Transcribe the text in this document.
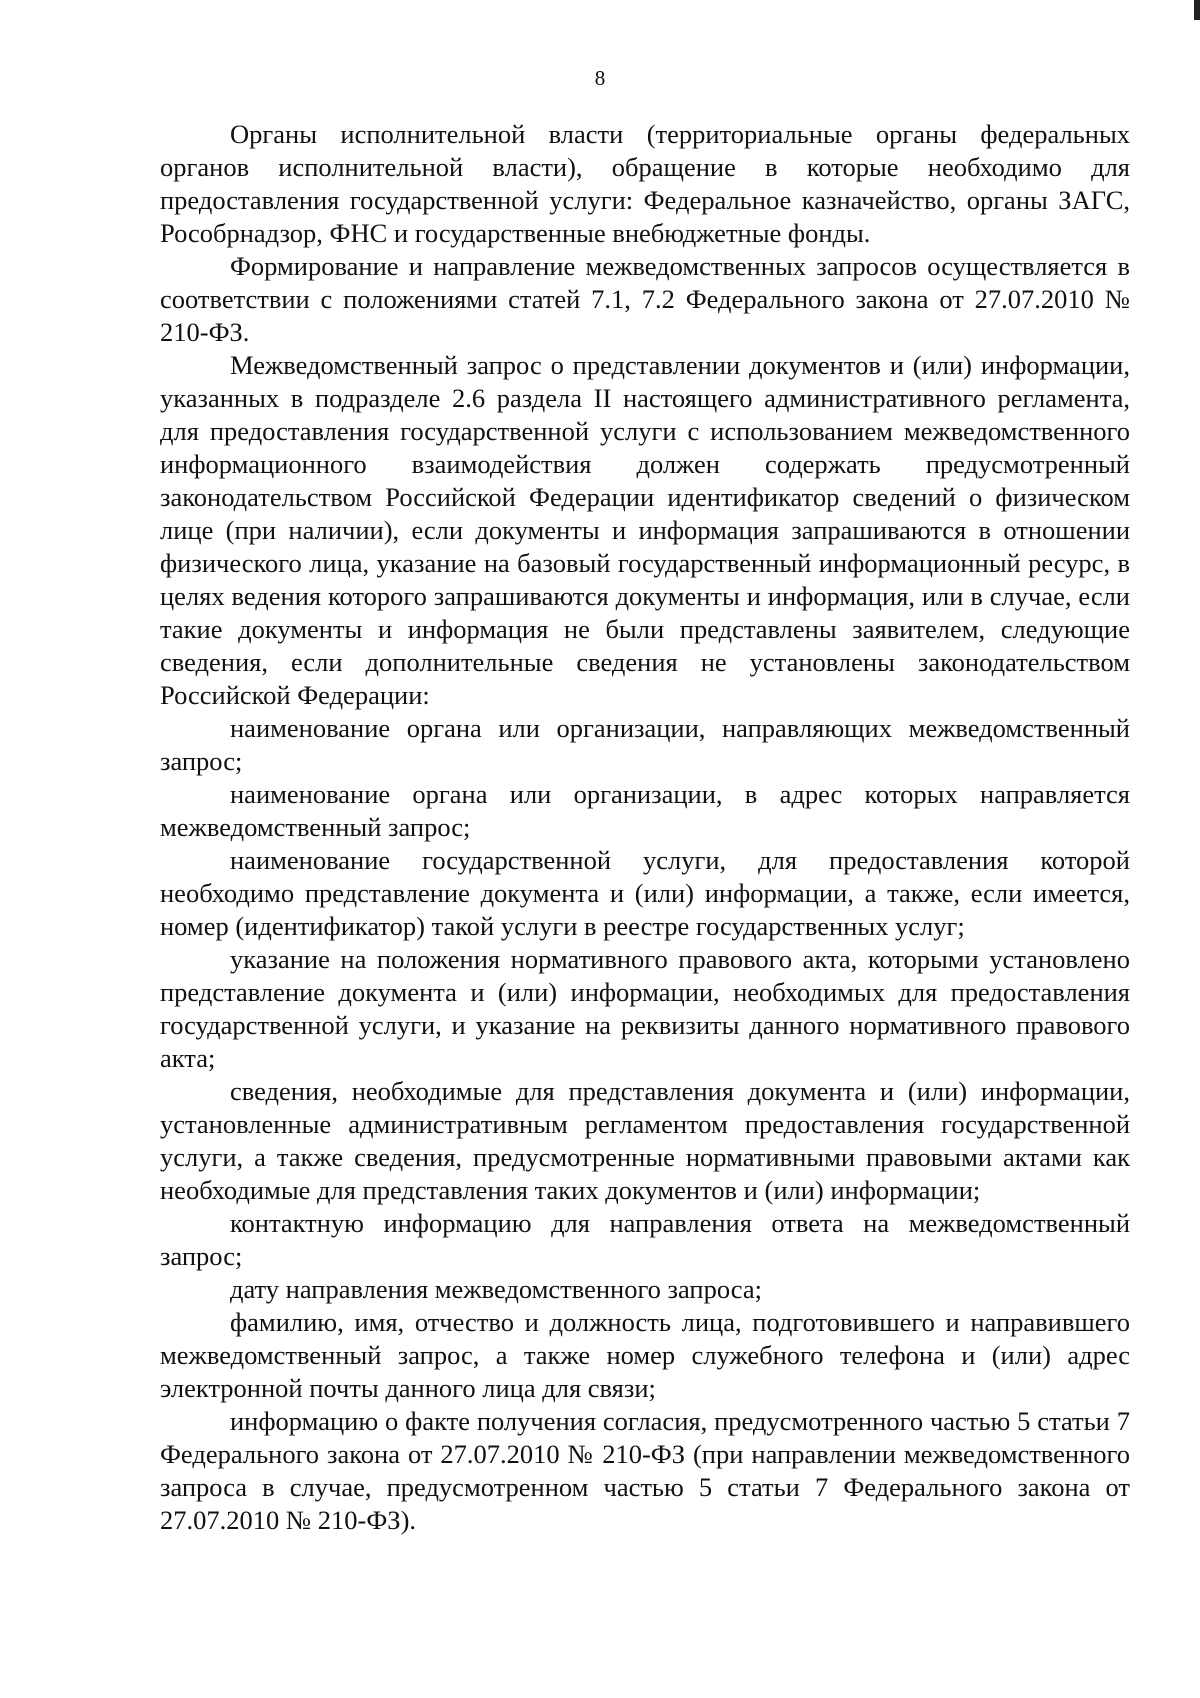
8

Органы исполнительной власти (территориальные органы федеральных органов исполнительной власти), обращение в которые необходимо для предоставления государственной услуги: Федеральное казначейство, органы ЗАГС, Рособрнадзор, ФНС и государственные внебюджетные фонды.

Формирование и направление межведомственных запросов осуществляется в соответствии с положениями статей 7.1, 7.2 Федерального закона от 27.07.2010 № 210-ФЗ.

Межведомственный запрос о представлении документов и (или) информации, указанных в подразделе 2.6 раздела II настоящего административного регламента, для предоставления государственной услуги с использованием межведомственного информационного взаимодействия должен содержать предусмотренный законодательством Российской Федерации идентификатор сведений о физическом лице (при наличии), если документы и информация запрашиваются в отношении физического лица, указание на базовый государственный информационный ресурс, в целях ведения которого запрашиваются документы и информация, или в случае, если такие документы и информация не были представлены заявителем, следующие сведения, если дополнительные сведения не установлены законодательством Российской Федерации:

наименование органа или организации, направляющих межведомственный запрос;

наименование органа или организации, в адрес которых направляется межведомственный запрос;

наименование государственной услуги, для предоставления которой необходимо представление документа и (или) информации, а также, если имеется, номер (идентификатор) такой услуги в реестре государственных услуг;

указание на положения нормативного правового акта, которыми установлено представление документа и (или) информации, необходимых для предоставления государственной услуги, и указание на реквизиты данного нормативного правового акта;

сведения, необходимые для представления документа и (или) информации, установленные административным регламентом предоставления государственной услуги, а также сведения, предусмотренные нормативными правовыми актами как необходимые для представления таких документов и (или) информации;

контактную информацию для направления ответа на межведомственный запрос;

дату направления межведомственного запроса;

фамилию, имя, отчество и должность лица, подготовившего и направившего межведомственный запрос, а также номер служебного телефона и (или) адрес электронной почты данного лица для связи;

информацию о факте получения согласия, предусмотренного частью 5 статьи 7 Федерального закона от 27.07.2010 № 210-ФЗ (при направлении межведомственного запроса в случае, предусмотренном частью 5 статьи 7 Федерального закона от 27.07.2010 № 210-ФЗ).
